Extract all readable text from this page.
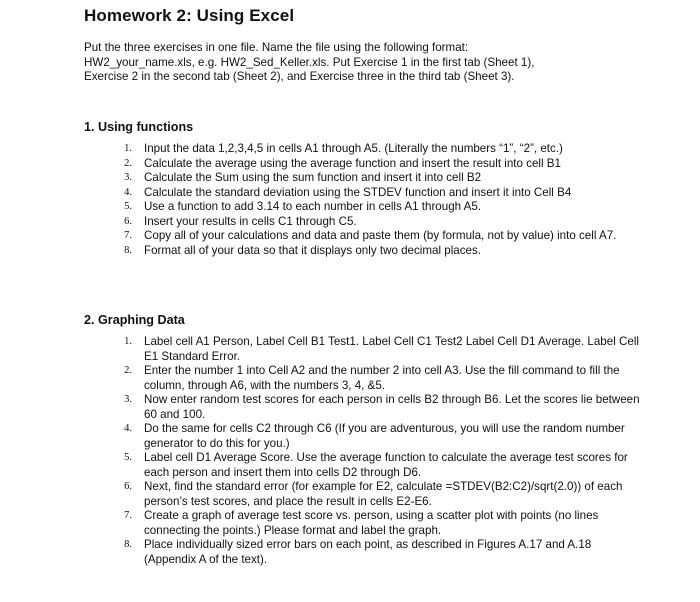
Homework 2: Using Excel
Put the three exercises in one file. Name the file using the following format:
HW2_your_name.xls, e.g. HW2_Sed_Keller.xls. Put Exercise 1 in the first tab (Sheet 1),
Exercise 2 in the second tab (Sheet 2), and Exercise three in the third tab (Sheet 3).
1. Using functions
1. Input the data 1,2,3,4,5 in cells A1 through A5. (Literally the numbers “1”, “2”, etc.)
2. Calculate the average using the average function and insert the result into cell B1
3. Calculate the Sum using the sum function and insert it into cell B2
4. Calculate the standard deviation using the STDEV function and insert it into Cell B4
5. Use a function to add 3.14 to each number in cells A1 through A5.
6. Insert your results in cells C1 through C5.
7. Copy all of your calculations and data and paste them (by formula, not by value) into cell A7.
8. Format all of your data so that it displays only two decimal places.
2. Graphing Data
1. Label cell A1 Person, Label Cell B1 Test1. Label Cell C1 Test2 Label Cell D1 Average. Label Cell E1 Standard Error.
2. Enter the number 1 into Cell A2 and the number 2 into cell A3. Use the fill command to fill the column, through A6, with the numbers 3, 4, &5.
3. Now enter random test scores for each person in cells B2 through B6. Let the scores lie between 60 and 100.
4. Do the same for cells C2 through C6 (If you are adventurous, you will use the random number generator to do this for you.)
5. Label cell D1 Average Score. Use the average function to calculate the average test scores for each person and insert them into cells D2 through D6.
6. Next, find the standard error (for example for E2, calculate =STDEV(B2:C2)/sqrt(2.0)) of each person’s test scores, and place the result in cells E2-E6.
7. Create a graph of average test score vs. person, using a scatter plot with points (no lines connecting the points.) Please format and label the graph.
8. Place individually sized error bars on each point, as described in Figures A.17 and A.18 (Appendix A of the text).
